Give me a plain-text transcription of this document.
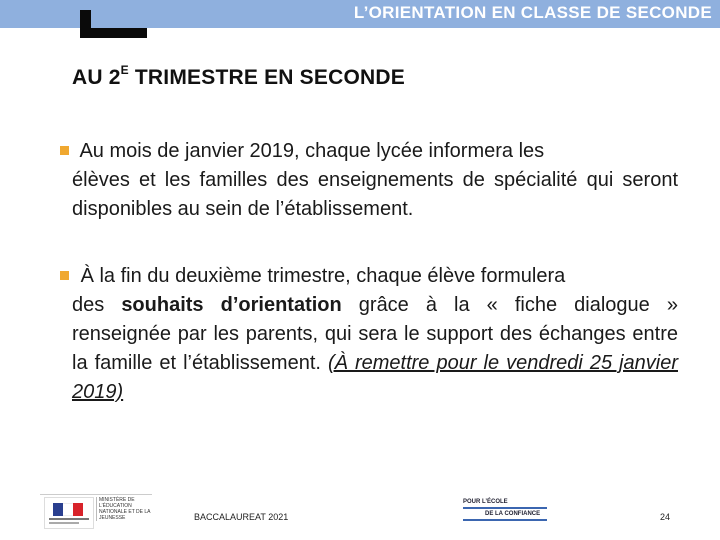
L’ORIENTATION EN CLASSE DE SECONDE
AU $2^E$ TRIMESTRE EN SECONDE
Au mois de janvier 2019, chaque lycée informera les
élèves et les familles des enseignements de spécialité qui seront disponibles au sein de l’établissement.
À la fin du deuxième trimestre, chaque élève formulera
des souhaits d’orientation grâce à la « fiche dialogue » renseignée par les parents, qui sera le support des échanges entre la famille et l’établissement. (À remettre pour le vendredi 25 janvier 2019)
MINISTÈRE DE L’ÉDUCATION NATIONALE ET DE LA JEUNESSE	BACCALAUREAT 2021
POUR L’ÉCOLE
DE LA CONFIANCE	24
